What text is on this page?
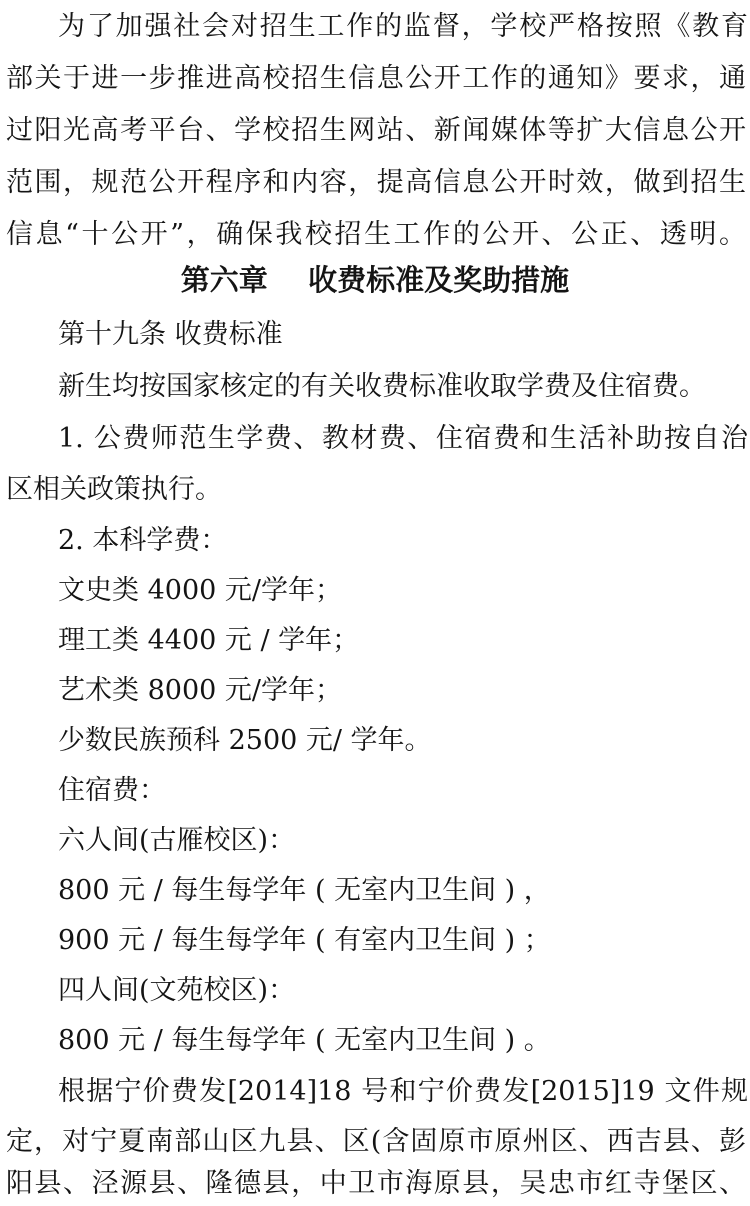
为了加强社会对招生工作的监督，学校严格按照《教育
部关于进一步推进高校招生信息公开工作的通知》要求，通
过阳光高考平台、学校招生网站、新闻媒体等扩大信息公开
范围，规范公开程序和内容，提高信息公开时效，做到招生
信息“十公开”，确保我校招生工作的公开、公正、透明。
第六章    收费标准及奖助措施
第十九条 收费标准
新生均按国家核定的有关收费标准收取学费及住宿费。
1. 公费师范生学费、教材费、住宿费和生活补助按自治
区相关政策执行。
2. 本科学费：
文史类 4000 元/学年；
理工类 4400 元 / 学年；
艺术类 8000 元/学年；
少数民族预科 2500 元/ 学年。
住宿费：
六人间(古雁校区)：
800 元 / 每生每学年 ( 无室内卫生间 ) ，
900 元 / 每生每学年 ( 有室内卫生间 ) ；
四人间(文苑校区)：
800 元 / 每生每学年 ( 无室内卫生间 ) 。
根据宁价费发[2014]18 号和宁价费发[2015]19 文件规
定，对宁夏南部山区九县、区(含固原市原州区、西吉县、彭
阳县、泾源县、隆德县，中卫市海原县，吴忠市红寺堡区、
